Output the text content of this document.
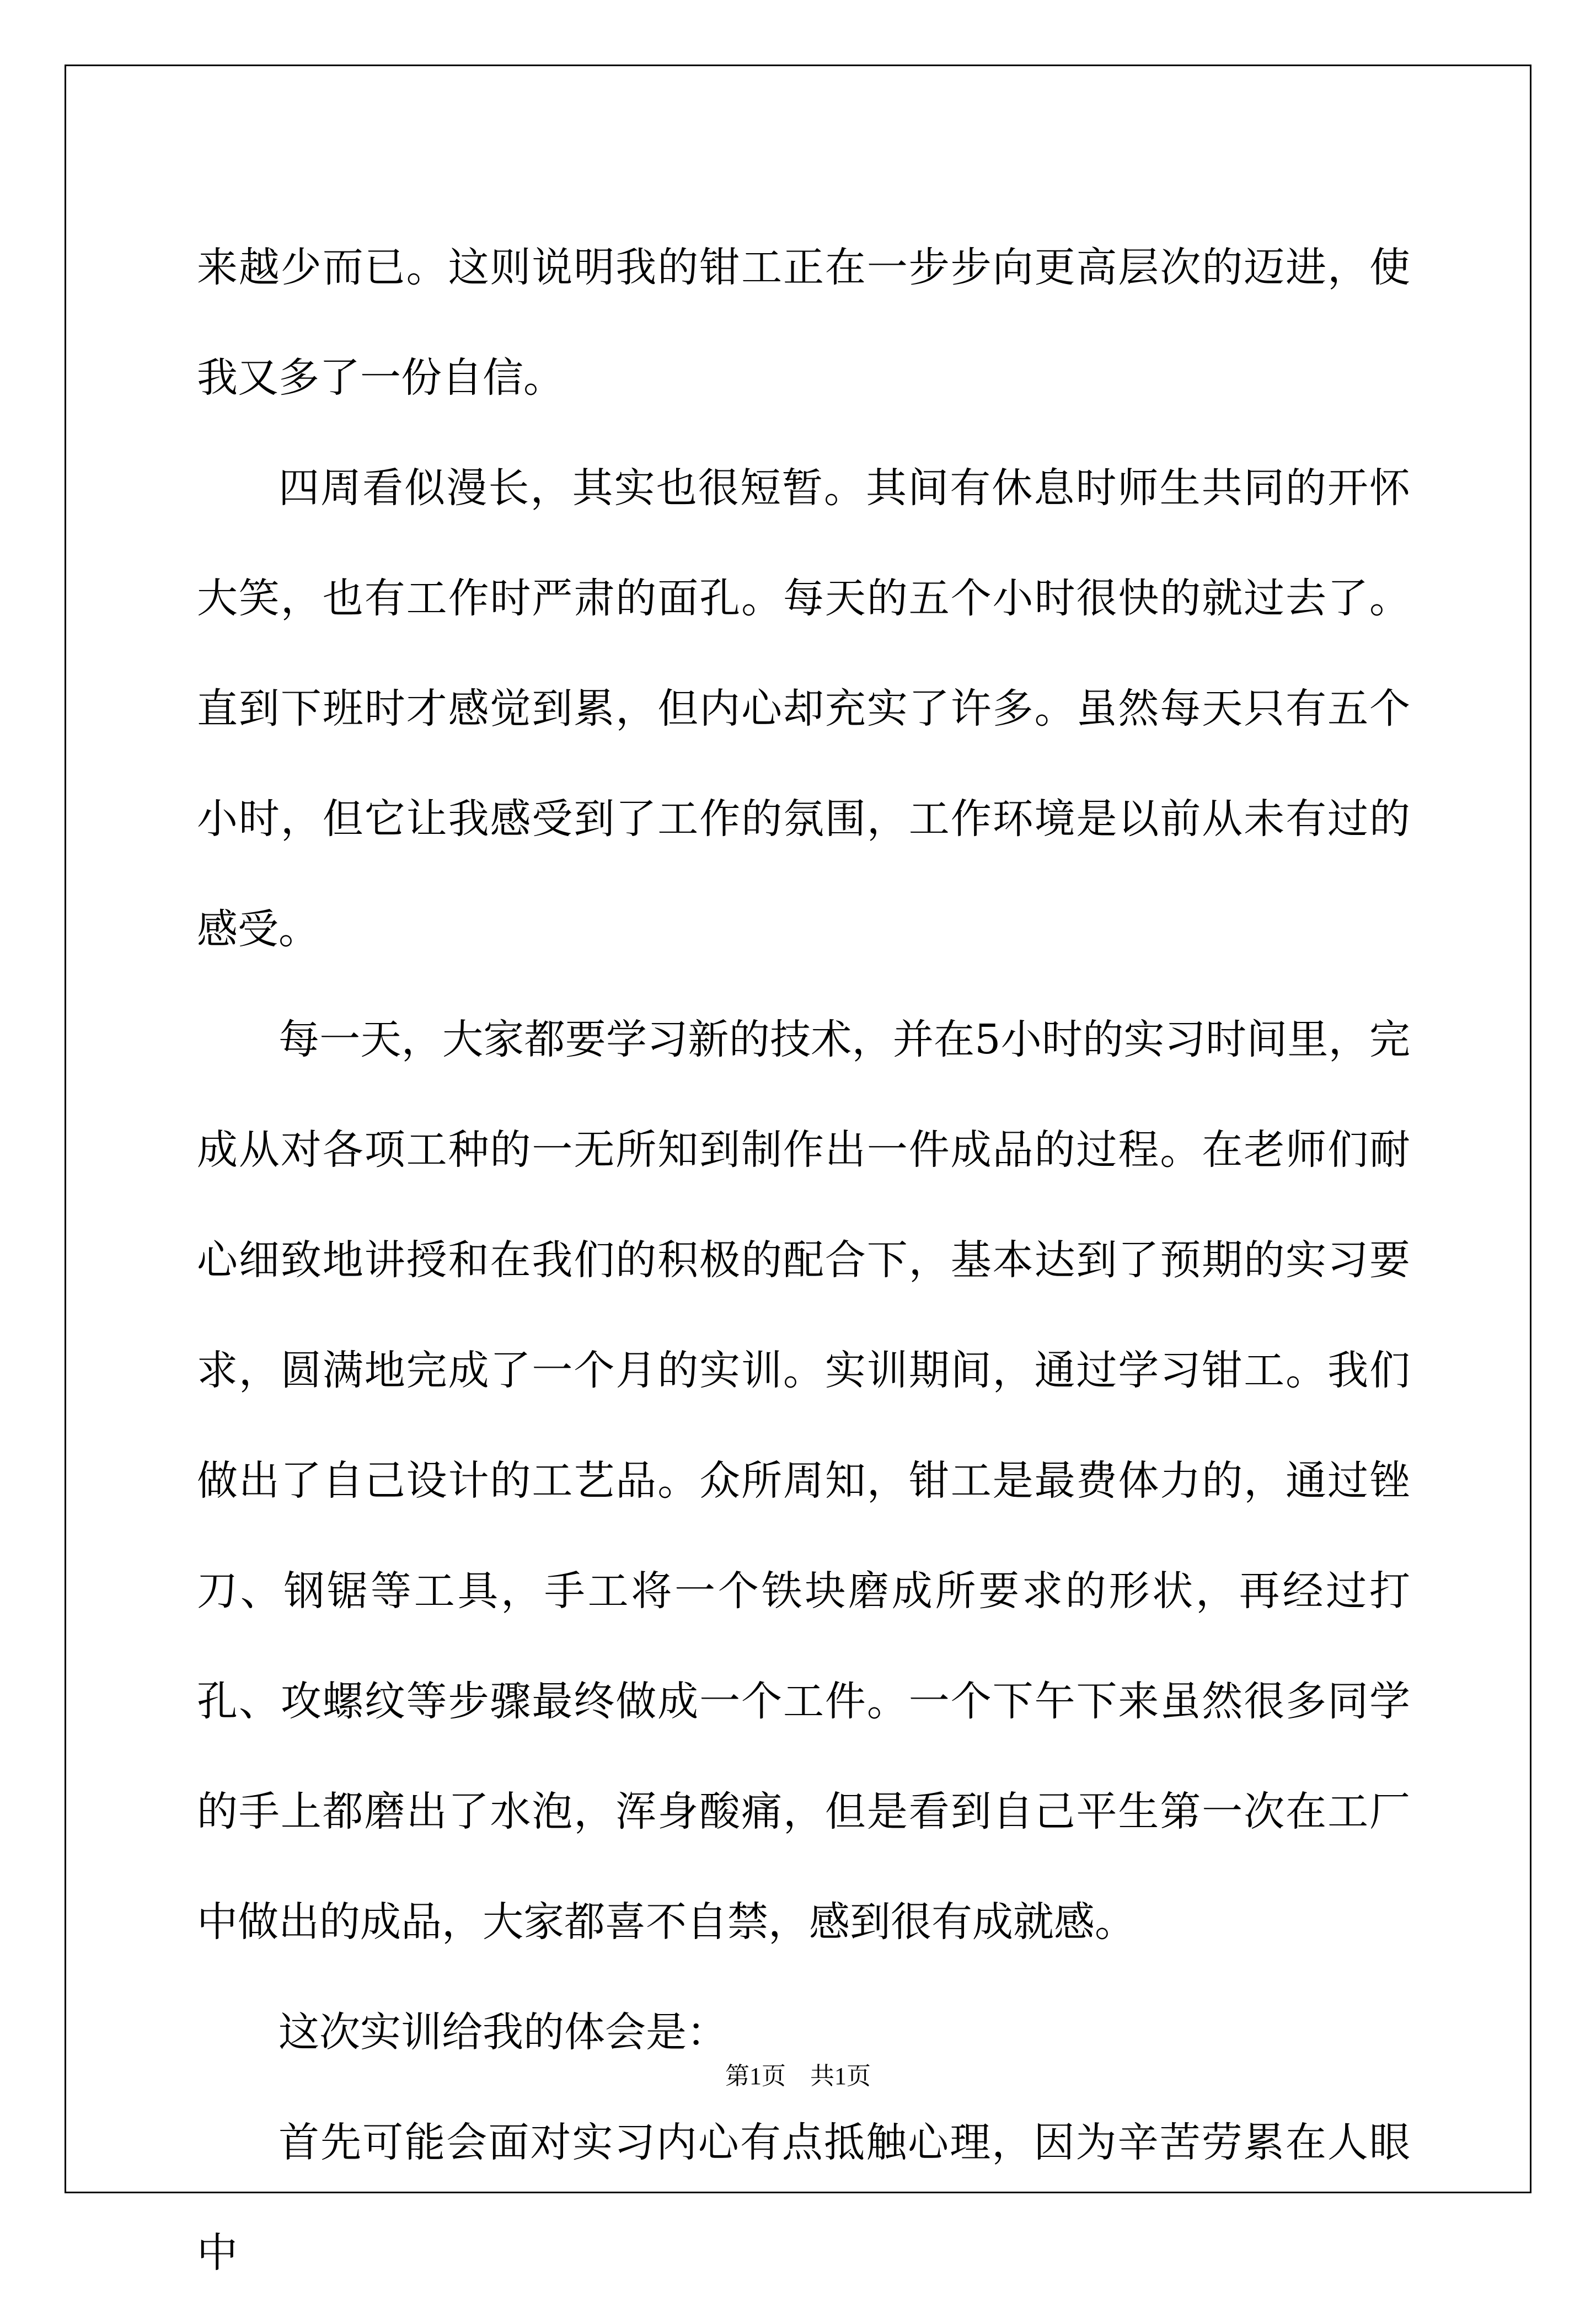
来越少而已。这则说明我的钳工正在一步步向更高层次的迈进，使我又多了一份自信。

四周看似漫长，其实也很短暂。其间有休息时师生共同的开怀大笑，也有工作时严肃的面孔。每天的五个小时很快的就过去了。直到下班时才感觉到累，但内心却充实了许多。虽然每天只有五个小时，但它让我感受到了工作的氛围，工作环境是以前从未有过的感受。

每一天，大家都要学习新的技术，并在5小时的实习时间里，完成从对各项工种的一无所知到制作出一件成品的过程。在老师们耐心细致地讲授和在我们的积极的配合下，基本达到了预期的实习要求，圆满地完成了一个月的实训。实训期间，通过学习钳工。我们做出了自己设计的工艺品。众所周知，钳工是最费体力的，通过锉刀、钢锯等工具，手工将一个铁块磨成所要求的形状，再经过打孔、攻螺纹等步骤最终做成一个工件。一个下午下来虽然很多同学的手上都磨出了水泡，浑身酸痛，但是看到自己平生第一次在工厂中做出的成品，大家都喜不自禁，感到很有成就感。

这次实训给我的体会是：

首先可能会面对实习内心有点抵触心理，因为辛苦劳累在人眼中

第1页　共1页
